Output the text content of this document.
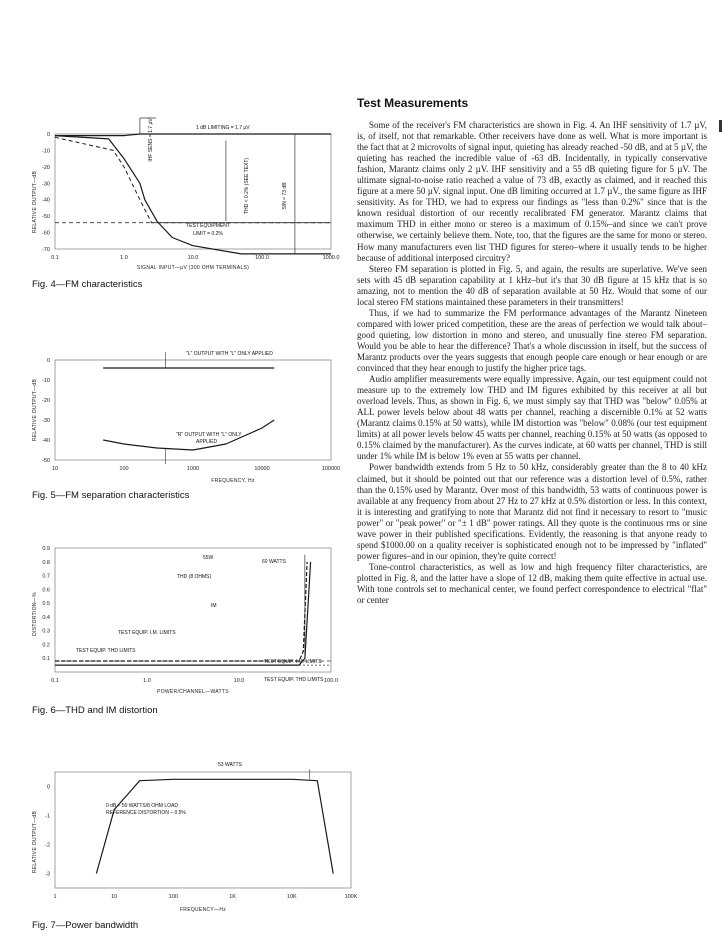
RELATIVE OUTPUT—dB
SIGNAL INPUT—µV (300 OHM TERMINALS)
1 dB LIMITING = 1.7 µV
IHF SENS = 1.7 µV
THD < 0.2% (SEE TEXT)	S/N = 73 dB
TEST EQUIPMENT
LIMIT = 0.2%
0.1	1.0	10.0	100.0	1000.0
0
-10
-20
-30
-40
-50
-60
-70
Fig. 4—FM characteristics
RELATIVE OUTPUT—dB
FREQUENCY, Hz
"L" OUTPUT WITH "L" ONLY APPLIED
"R" OUTPUT WITH "L" ONLY
APPLIED
10	100	1000	10000	100000
0
-10
-20
-30
-40
-50
Fig. 5—FM separation characteristics
DISTORTION—%
POWER/CHANNEL—WATTS
55W
60 WATTS
THD (8 OHMS)
IM
TEST EQUIP. I.M. LIMITS
TEST EQUIP. THD LIMITS
TEST EQUIP. I.M. LIMITS
TEST EQUIP. THD LIMITS
0.1	1.0	10.0	100.0
0.9
0.8
0.7
0.6
0.5
0.4
0.3
0.2
0.1
Fig. 6—THD and IM distortion
RELATIVE OUTPUT—dB
FREQUENCY—Hz
53 WATTS
0 dB – 50 WATTS/8 OHM LOAD
REFERENCE DISTORTION – 0.5%
1	10	100	1K	10K	100K
0
-1
-2
-3
Fig. 7—Power bandwidth
Test Measurements

Some of the receiver's FM characteristics are shown in Fig. 4. An IHF sensitivity of 1.7 µV, is, of itself, not that remarkable. Other receivers have done as well. What is more important is the fact that at 2 microvolts of signal input, quieting has already reached -50 dB, and at 5 µV, the quieting has reached the incredible value of -63 dB. Incidentally, in typically conservative fashion, Marantz claims only 2 µV. IHF sensitivity and a 55 dB quieting figure for 5 µV. The ultimate signal-to-noise ratio reached a value of 73 dB, exactly as claimed, and it reached this figure at a mere 50 µV. signal input. One dB limiting occurred at 1.7 µV., the same figure as IHF sensitivity. As for THD, we had to express our findings as "less than 0.2%" since that is the known residual distortion of our recently recalibrated FM generator. Marantz claims that maximum THD in either mono or stereo is a maximum of 0.15%–and since we can't prove otherwise, we certainly believe them. Note, too, that the figures are the same for mono or stereo. How many manufacturers even list THD figures for stereo–where it usually tends to be higher because of additional interposed circuitry?

Stereo FM separation is plotted in Fig. 5, and again, the results are superlative. We've seen sets with 45 dB separation capability at 1 kHz–but it's that 30 dB figure at 15 kHz that is so amazing, not to mention the 40 dB of separation available at 50 Hz. Would that some of our local stereo FM stations maintained these parameters in their transmitters!

Thus, if we had to summarize the FM performance advantages of the Marantz Nineteen compared with lower priced competition, these are the areas of perfection we would talk about–good quieting, low distortion in mono and stereo, and unusually fine stereo FM separation. Would you be able to hear the difference? That's a whole discussion in itself, but the success of Marantz products over the years suggests that enough people care enough or hear enough or are convinced that they hear enough to justify the higher price tags.

Audio amplifier measurements were equally impressive. Again, our test equipment could not measure up to the extremely low THD and IM figures exhibited by this receiver at all but overload levels. Thus, as shown in Fig. 6, we must simply say that THD was "below" 0.05% at ALL power levels below about 48 watts per channel, reaching a discernible 0.1% at 52 watts (Marantz claims 0.15% at 50 watts), while IM distortion was "below" 0.08% (our test equipment limits) at all power levels below 45 watts per channel, reaching 0.15% at 50 watts (as opposed to 0.15% claimed by the manufacturer). As the curves indicate, at 60 watts per channel, THD is still under 1% while IM is below 1% even at 55 watts per channel.

Power bandwidth extends from 5 Hz to 50 kHz, considerably greater than the 8 to 40 kHz claimed, but it should be pointed out that our reference was a distortion level of 0.5%, rather than the 0.15% used by Marantz. Over most of this bandwidth, 53 watts of continuous power is available at any frequency from about 27 Hz to 27 kHz at 0.5% distortion or less. In this context, it is interesting and gratifying to note that Marantz did not find it necessary to resort to "music power" or "peak power" or "± 1 dB" power ratings. All they quote is the continuous rms or sine wave power in their published specifications. Evidently, the reasoning is that anyone ready to spend $1000.00 on a quality receiver is sophisticated enough not to be impressed by "inflated" power figures–and in our opinion, they're quite correct!

Tone-control characteristics, as well as low and high frequency filter characteristics, are plotted in Fig. 8, and the latter have a slope of 12 dB, making them quite effective in actual use. With tone controls set to mechanical center, we found perfect correspondence to electrical "flat" or center
